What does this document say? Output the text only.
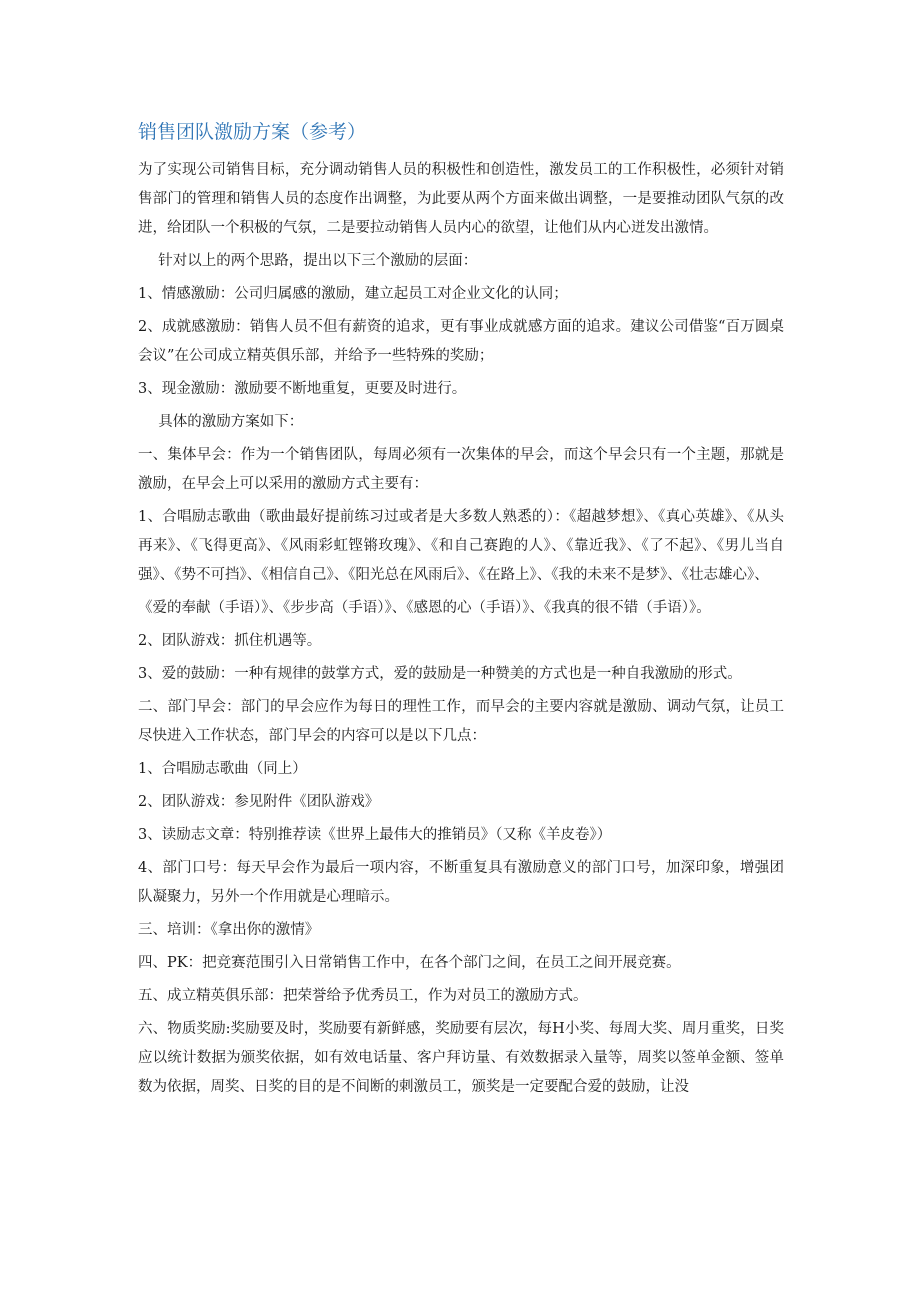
销售团队激励方案（参考）

为了实现公司销售目标，充分调动销售人员的积极性和创造性，激发员工的工作积极性，必须针对销售部门的管理和销售人员的态度作出调整，为此要从两个方面来做出调整，一是要推动团队气氛的改进，给团队一个积极的气氛，二是要拉动销售人员内心的欲望，让他们从内心迸发出激情。

针对以上的两个思路，提出以下三个激励的层面：

1、情感激励：公司归属感的激励，建立起员工对企业文化的认同；

2、成就感激励：销售人员不但有薪资的追求，更有事业成就感方面的追求。建议公司借鉴“百万圆桌会议”在公司成立精英俱乐部，并给予一些特殊的奖励；

3、现金激励：激励要不断地重复，更要及时进行。

具体的激励方案如下：

一、集体早会：作为一个销售团队，每周必须有一次集体的早会，而这个早会只有一个主题，那就是激励，在早会上可以采用的激励方式主要有：

1、合唱励志歌曲（歌曲最好提前练习过或者是大多数人熟悉的）：《超越梦想》、《真心英雄》、《从头再来》、《飞得更高》、《风雨彩虹铿锵玫瑰》、《和自己赛跑的人》、《靠近我》、《了不起》、《男儿当自强》、《势不可挡》、《相信自己》、《阳光总在风雨后》、《在路上》、《我的未来不是梦》、《壮志雄心》、

《爱的奉献（手语）》、《步步高（手语）》、《感恩的心（手语）》、《我真的很不错（手语）》。

2、团队游戏：抓住机遇等。

3、爱的鼓励：一种有规律的鼓掌方式，爱的鼓励是一种赞美的方式也是一种自我激励的形式。

二、部门早会：部门的早会应作为每日的理性工作，而早会的主要内容就是激励、调动气氛，让员工尽快进入工作状态，部门早会的内容可以是以下几点：

1、合唱励志歌曲（同上）

2、团队游戏：参见附件《团队游戏》

3、读励志文章：特别推荐读《世界上最伟大的推销员》（又称《羊皮卷》）

4、部门口号：每天早会作为最后一项内容，不断重复具有激励意义的部门口号，加深印象，增强团队凝聚力，另外一个作用就是心理暗示。

三、培训：《拿出你的激情》

四、PK：把竞赛范围引入日常销售工作中，在各个部门之间，在员工之间开展竞赛。

五、成立精英俱乐部：把荣誉给予优秀员工，作为对员工的激励方式。

六、物质奖励:奖励要及时，奖励要有新鲜感，奖励要有层次，每H小奖、每周大奖、周月重奖，日奖应以统计数据为颁奖依据，如有效电话量、客户拜访量、有效数据录入量等，周奖以签单金额、签单数为依据，周奖、日奖的目的是不间断的刺激员工，颁奖是一定要配合爱的鼓励，让没
